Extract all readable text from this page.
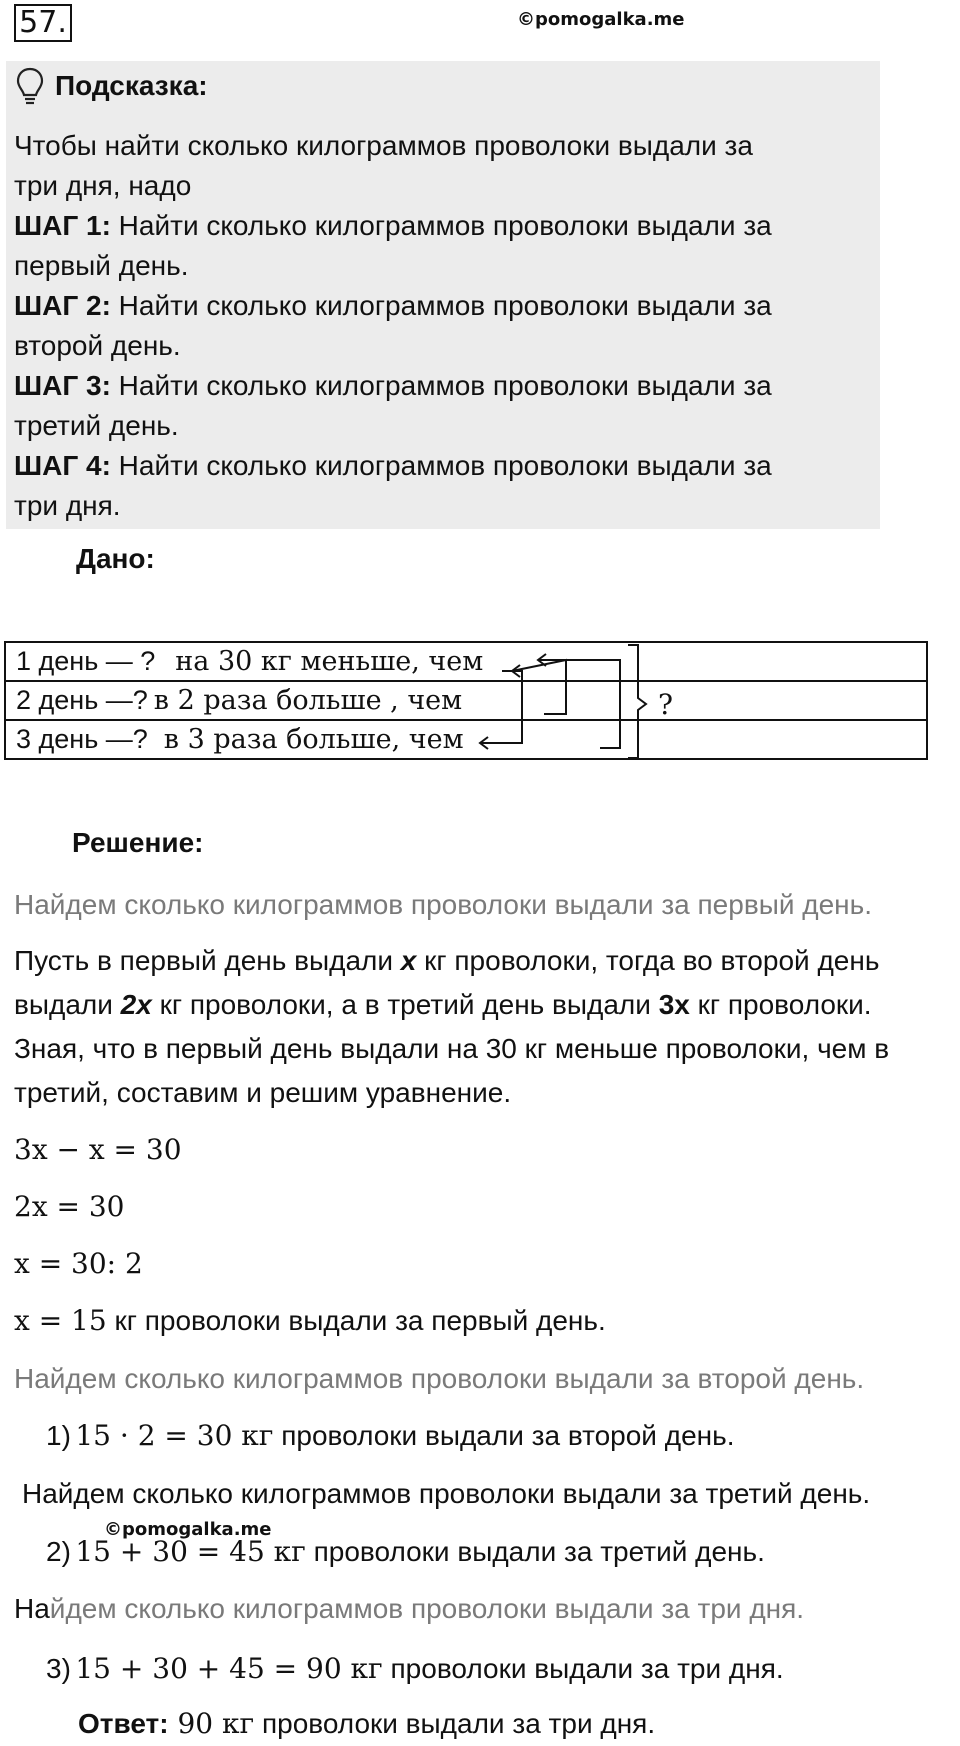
57.	©pomogalka.me
Подсказка:
Чтобы найти сколько килограммов проволоки выдали за
три дня, надо
ШАГ 1: Найти сколько килограммов проволоки выдали за
первый день.
ШАГ 2: Найти сколько килограммов проволоки выдали за
второй день.
ШАГ 3: Найти сколько килограммов проволоки выдали за
третий день.
ШАГ 4: Найти сколько килограммов проволоки выдали за
три дня.
Дано:
1 день — ? на 30 кг меньше, чем
2 день —? в 2 раза больше , чем
3 день —? в 3 раза больше, чем
?
Решение:
Найдем сколько килограммов проволоки выдали за первый день.
Пусть в первый день выдали x кг проволоки, тогда во второй день
выдали 2x кг проволоки, а в третий день выдали 3x кг проволоки.
Зная, что в первый день выдали на 30 кг меньше проволоки, чем в
третий, составим и решим уравнение.
3x − x = 30
2x = 30
x = 30: 2
x = 15 кг проволоки выдали за первый день.
Найдем сколько килограммов проволоки выдали за второй день.
1) 15 · 2 = 30 кг проволоки выдали за второй день.
Найдем сколько килограммов проволоки выдали за третий день.
©pomogalka.me
2) 15 + 30 = 45 кг проволоки выдали за третий день.
Найдем сколько килограммов проволоки выдали за три дня.
3) 15 + 30 + 45 = 90 кг проволоки выдали за три дня.
Ответ: 90 кг проволоки выдали за три дня.
